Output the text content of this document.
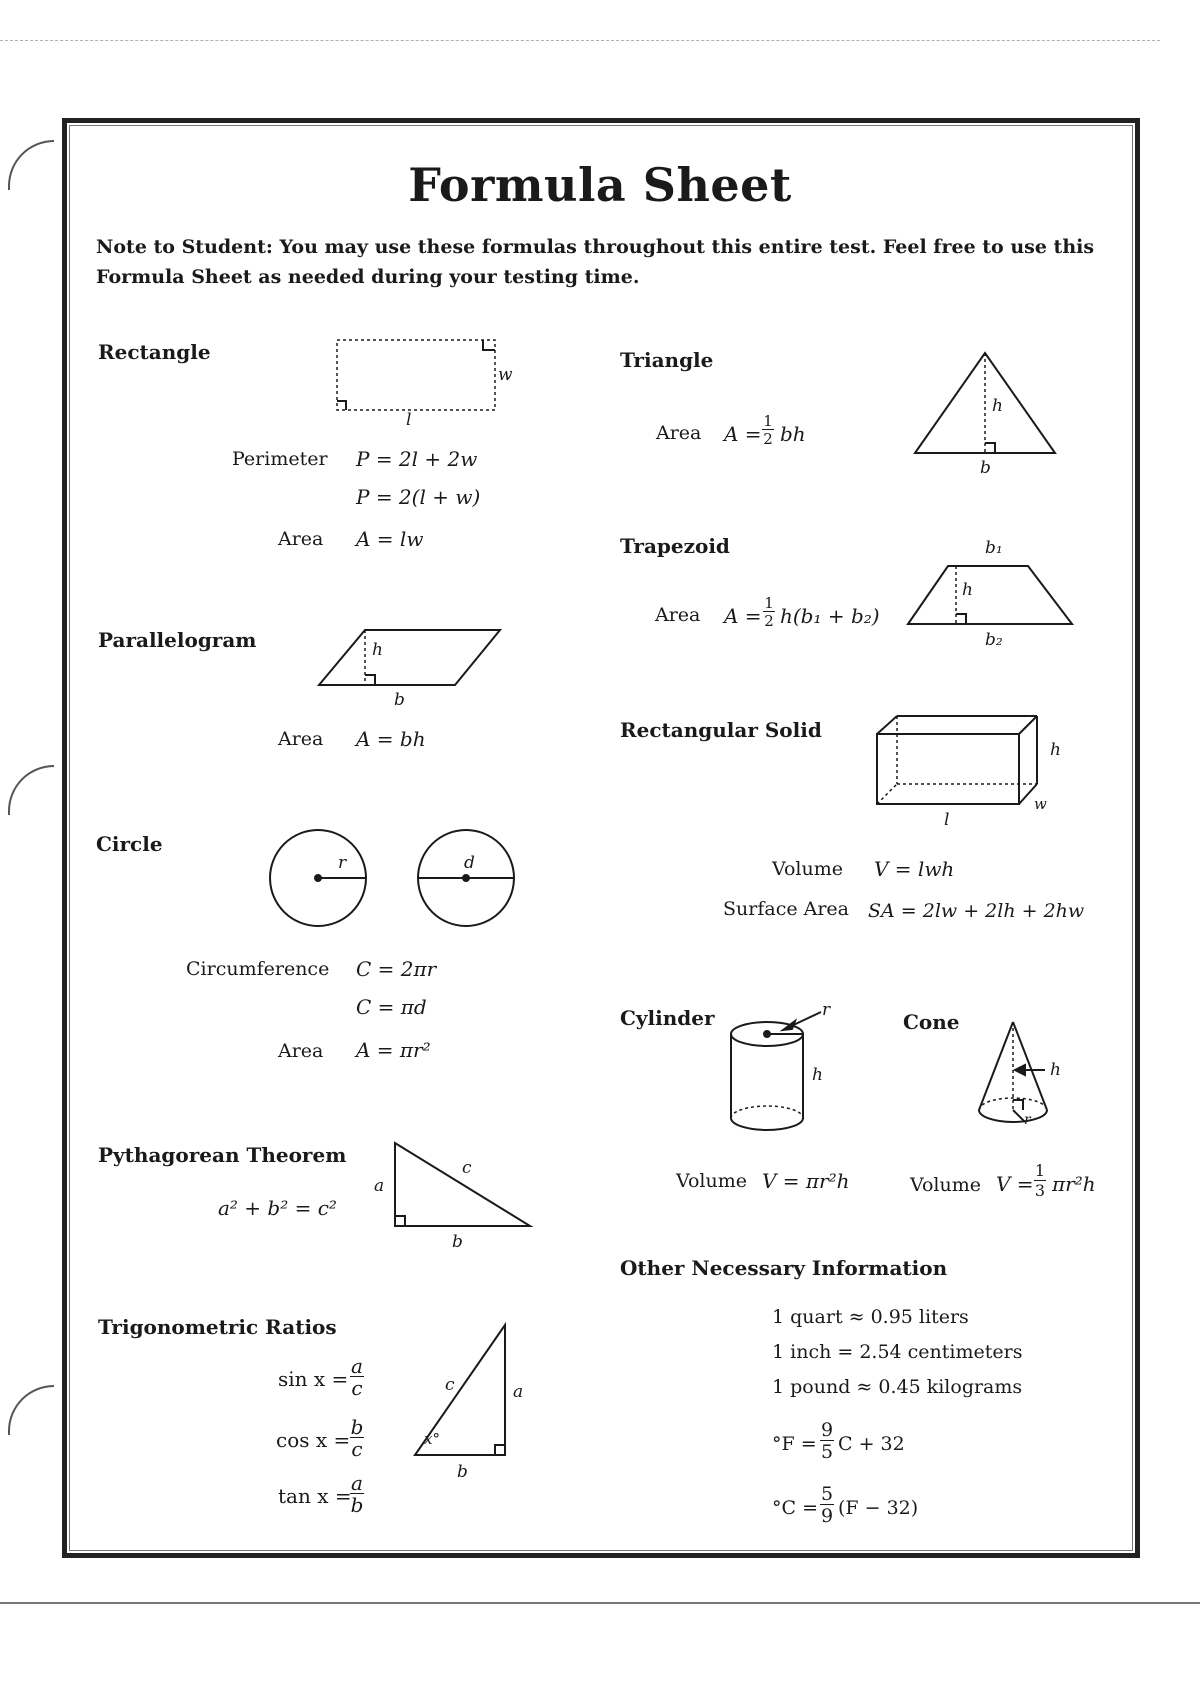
Formula Sheet
Note to Student: You may use these formulas throughout this entire test. Feel free to use this Formula Sheet as needed during your testing time.
Rectangle
w
l
Perimeter P = 2l + 2w
P = 2(l + w)
Area A = lw
Parallelogram	h
b
Area A = bh
Circle
r	d
Circumference C = 2πr
C = πd
Area A = πr²
Pythagorean Theorem
a² + b² = c²
a
c
b
Trigonometric Ratios
sin x =
a
c
cos x =
b
c
tan x =
a
b
c	a
x°
b
Triangle
Area A =
1
2 bh
h
b
Trapezoid
Area A =
1
2 h(b₁ + b₂)
b₁
h
b₂
Rectangular Solid
h
l
w
Volume V = lwh
Surface Area SA = 2lw + 2lh + 2hw
Cylinder	r
h
Volume V = πr²h
Cone
h
r
Volume V =
1
3 πr²h
Other Necessary Information
1 quart ≈ 0.95 liters
1 inch = 2.54 centimeters
1 pound ≈ 0.45 kilograms
°F =
9
5 C + 32
°C =
5
9 (F − 32)
